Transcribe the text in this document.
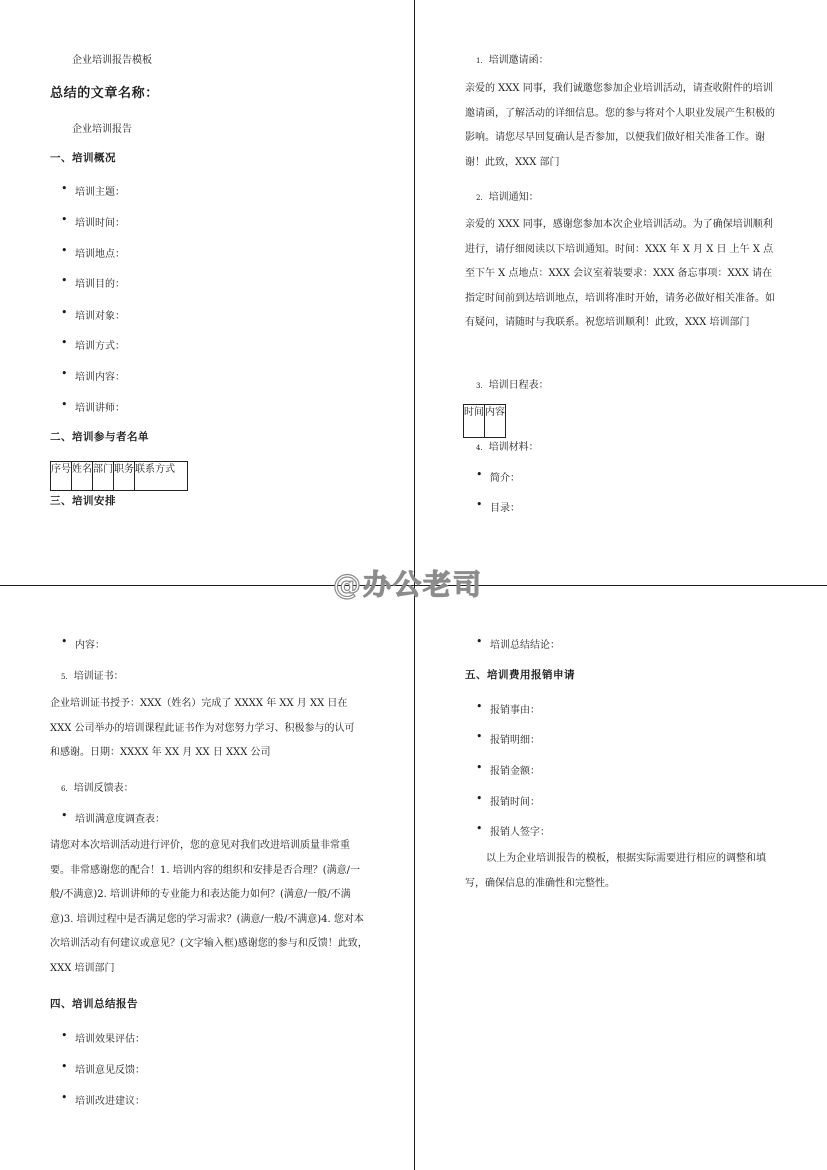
企业培训报告模板
总结的文章名称：
企业培训报告
一、培训概况
• 培训主题：
• 培训时间：
• 培训地点：
• 培训目的：
• 培训对象：
• 培训方式：
• 培训内容：
• 培训讲师：
二、培训参与者名单
序号	姓名	部门	职务	联系方式
三、培训安排
1. 培训邀请函：
亲爱的 XXX 同事，我们诚邀您参加企业培训活动，请查收附件的培训邀请函，了解活动的详细信息。您的参与将对个人职业发展产生积极的影响。请您尽早回复确认是否参加，以便我们做好相关准备工作。谢谢！此致，XXX 部门
2. 培训通知：
亲爱的 XXX 同事，感谢您参加本次企业培训活动。为了确保培训顺利进行，请仔细阅读以下培训通知。时间：XXX 年 X 月 X 日 上午 X 点至下午 X 点地点：XXX 会议室着装要求：XXX 备忘事项：XXX 请在指定时间前到达培训地点，培训将准时开始，请务必做好相关准备。如有疑问，请随时与我联系。祝您培训顺利！此致，XXX 培训部门
3. 培训日程表：
时间	内容
4. 培训材料：
• 简介：
• 目录：
• 内容：
5. 培训证书：
企业培训证书授予：XXX（姓名）完成了 XXXX 年 XX 月 XX 日在 XXX 公司举办的培训课程此证书作为对您努力学习、积极参与的认可和感谢。日期：XXXX 年 XX 月 XX 日 XXX 公司
6. 培训反馈表：
• 培训满意度调查表：
请您对本次培训活动进行评价，您的意见对我们改进培训质量非常重要。非常感谢您的配合！1. 培训内容的组织和安排是否合理？(满意/一般/不满意)2. 培训讲师的专业能力和表达能力如何？(满意/一般/不满意)3. 培训过程中是否满足您的学习需求？(满意/一般/不满意)4. 您对本次培训活动有何建议或意见？(文字输入框)感谢您的参与和反馈！此致，XXX 培训部门
四、培训总结报告
• 培训效果评估：
• 培训意见反馈：
• 培训改进建议：
• 培训总结结论：
五、培训费用报销申请
• 报销事由：
• 报销明细：
• 报销金额：
• 报销时间：
• 报销人签字：
以上为企业培训报告的模板，根据实际需要进行相应的调整和填写，确保信息的准确性和完整性。
@办公老司
